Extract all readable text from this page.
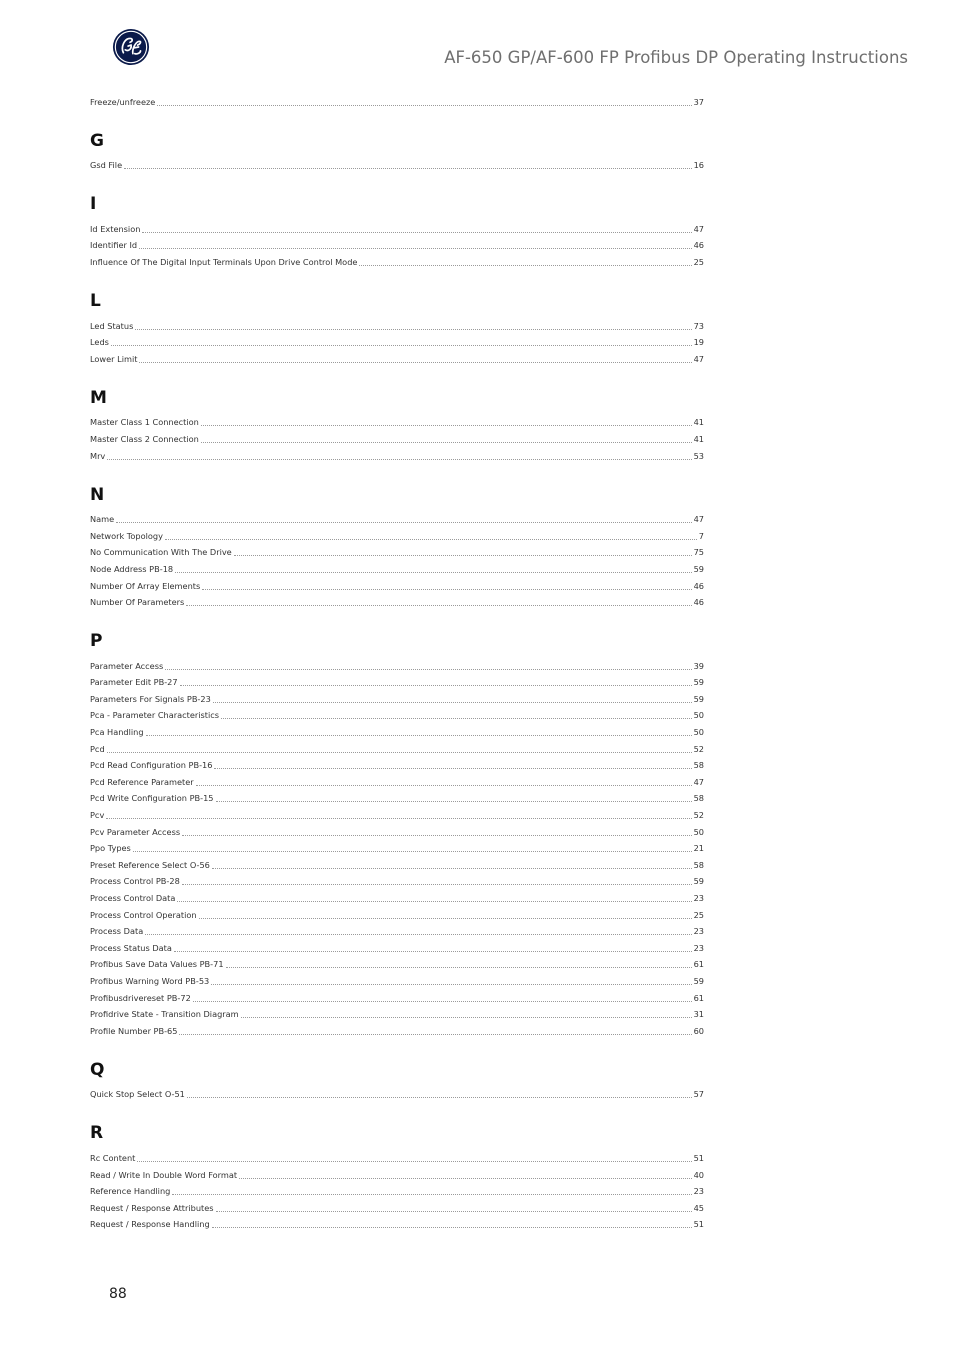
AF-650 GP/AF-600 FP Profibus DP Operating Instructions
Freeze/unfreeze	37
G
Gsd File	16
I
Id Extension	47
Identifier Id	46
Influence Of The Digital Input Terminals Upon Drive Control Mode	25
L
Led Status	73
Leds	19
Lower Limit	47
M
Master Class 1 Connection	41
Master Class 2 Connection	41
Mrv	53
N
Name	47
Network Topology	7
No Communication With The Drive	75
Node Address PB-18	59
Number Of Array Elements	46
Number Of Parameters	46
P
Parameter Access	39
Parameter Edit PB-27	59
Parameters For Signals PB-23	59
Pca - Parameter Characteristics	50
Pca Handling	50
Pcd	52
Pcd Read Configuration PB-16	58
Pcd Reference Parameter	47
Pcd Write Configuration PB-15	58
Pcv	52
Pcv Parameter Access	50
Ppo Types	21
Preset Reference Select O-56	58
Process Control PB-28	59
Process Control Data	23
Process Control Operation	25
Process Data	23
Process Status Data	23
Profibus Save Data Values PB-71	61
Profibus Warning Word PB-53	59
Profibusdrivereset PB-72	61
Profidrive State - Transition Diagram	31
Profile Number PB-65	60
Q
Quick Stop Select O-51	57
R
Rc Content	51
Read / Write In Double Word Format	40
Reference Handling	23
Request / Response Attributes	45
Request / Response Handling	51
88
